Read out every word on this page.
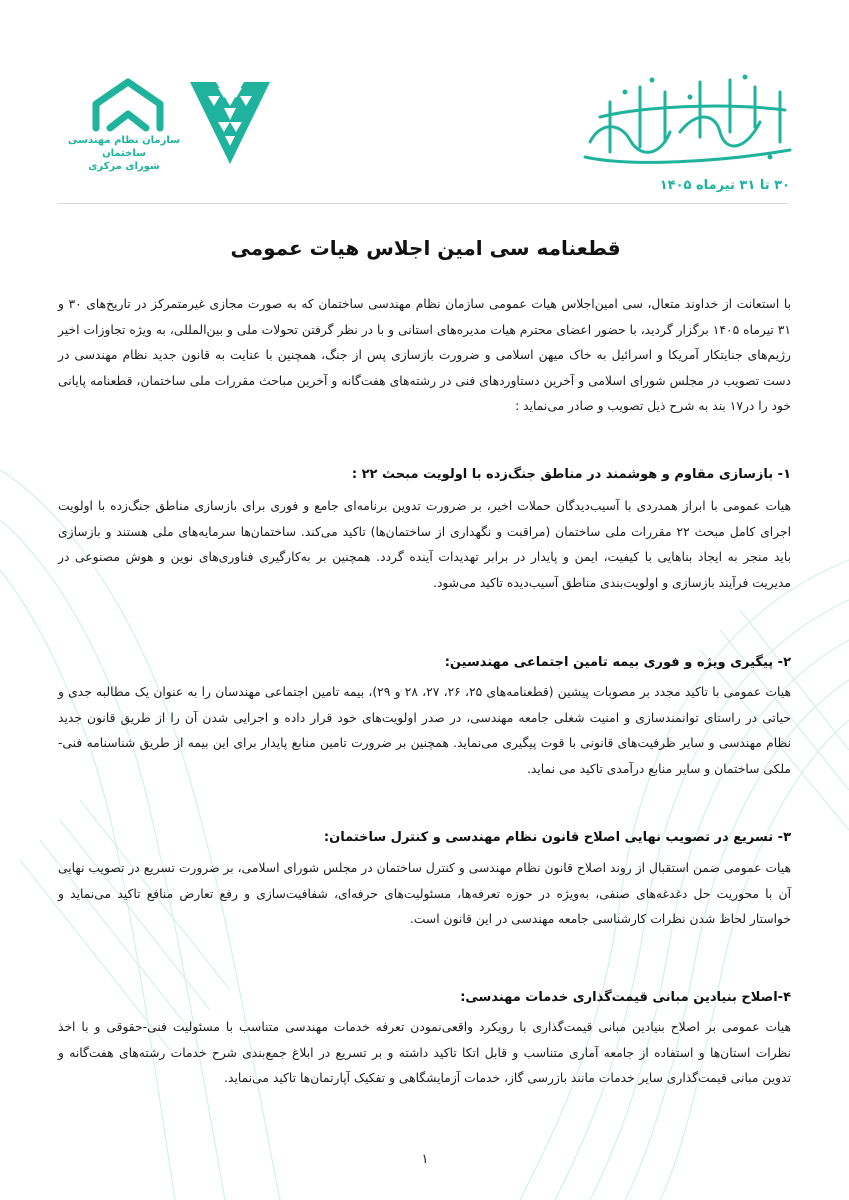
۳۰ تا ۳۱ تیرماه ۱۴۰۵
سازمان نظام مهندسی ساختمان
شورای مرکزی
قطعنامه سی امین اجلاس هیات عمومی
با استعانت از خداوند متعال، سی امین‌اجلاس هیات عمومی سازمان نظام مهندسی ساختمان که به صورت مجازی غیرمتمرکز در تاریخ‌های ۳۰ و ۳۱ تیرماه ۱۴۰۵ برگزار گردید، با حضور اعضای محترم هیات مدیره‌های استانی و با در نظر گرفتن تحولات ملی و بین‌المللی، به ویژه تجاوزات اخیر رژیم‌های جنایتکار آمریکا و اسرائیل به خاک میهن اسلامی و ضرورت بازسازی پس از جنگ، همچنین با عنایت به قانون جدید نظام مهندسی در دست تصویب در مجلس شورای اسلامی و آخرین دستاوردهای فنی در رشته‌های هفت‌گانه و آخرین مباحث مقررات ملی ساختمان، قطعنامه پایانی خود را در۱۷ بند به شرح ذیل تصویب و صادر می‌نماید :
۱- بازسازی مقاوم و هوشمند در مناطق جنگ‌زده با اولویت مبحث ۲۲ :
هیات عمومی با ابراز همدردی با آسیب‌دیدگان حملات اخیر، بر ضرورت تدوین برنامه‌ای جامع و فوری برای بازسازی مناطق جنگ‌زده با اولویت اجرای کامل مبحث ۲۲ مقررات ملی ساختمان (مراقبت و نگهداری از ساختمان‌ها) تاکید می‌کند. ساختمان‌ها سرمایه‌های ملی هستند و بازسازی باید منجر به ایجاد بناهایی با کیفیت، ایمن و پایدار در برابر تهدیدات آینده گردد. همچنین بر به‌کارگیری فناوری‌های نوین و هوش مصنوعی در مدیریت فرآیند بازسازی و اولویت‌بندی مناطق آسیب‌دیده تاکید می‌شود.
۲- پیگیری ویژه و فوری بیمه تامین اجتماعی مهندسین:
هیات عمومی با تاکید مجدد بر مصوبات پیشین (قطعنامه‌های ۲۵، ۲۶، ۲۷، ۲۸ و ۲۹)، بیمه تامین اجتماعی مهندسان را به عنوان یک مطالبه جدی و حیاتی در راستای توانمندسازی و امنیت شغلی جامعه مهندسی، در صدر اولویت‌های خود قرار داده و اجرایی شدن آن را از طریق قانون جدید نظام مهندسی و سایر ظرفیت‌های قانونی با قوت پیگیری می‌نماید. همچنین بر ضرورت تامین منابع پایدار برای این بیمه از طریق شناسنامه فنی-ملکی ساختمان و سایر منابع درآمدی تاکید می نماید.
۳- تسریع در تصویب نهایی اصلاح قانون نظام مهندسی و کنترل ساختمان:
هیات عمومی ضمن استقبال از روند اصلاح قانون نظام مهندسی و کنترل ساختمان در مجلس شورای اسلامی، بر ضرورت تسریع در تصویب نهایی آن با محوریت حل دغدغه‌های صنفی، به‌ویژه در حوزه تعرفه‌ها، مسئولیت‌های حرفه‌ای، شفافیت‌سازی و رفع تعارض منافع تاکید می‌نماید و خواستار لحاظ شدن نظرات کارشناسی جامعه مهندسی در این قانون است.
۴-اصلاح بنیادین مبانی قیمت‌گذاری خدمات مهندسی:
هیات عمومی بر اصلاح بنیادین مبانی قیمت‌گذاری با رویکرد واقعی‌نمودن تعرفه خدمات مهندسی متناسب با مسئولیت فنی-حقوقی و با اخذ نظرات استان‌ها و استفاده از جامعه آماری متناسب و قابل اتکا تاکید داشته و بر تسریع در ابلاغ جمع‌بندی شرح خدمات رشته‌های هفت‌گانه و تدوین مبانی قیمت‌گذاری سایر خدمات مانند بازرسی گاز، خدمات آزمایشگاهی و تفکیک آپارتمان‌ها تاکید می‌نماید.
۱
